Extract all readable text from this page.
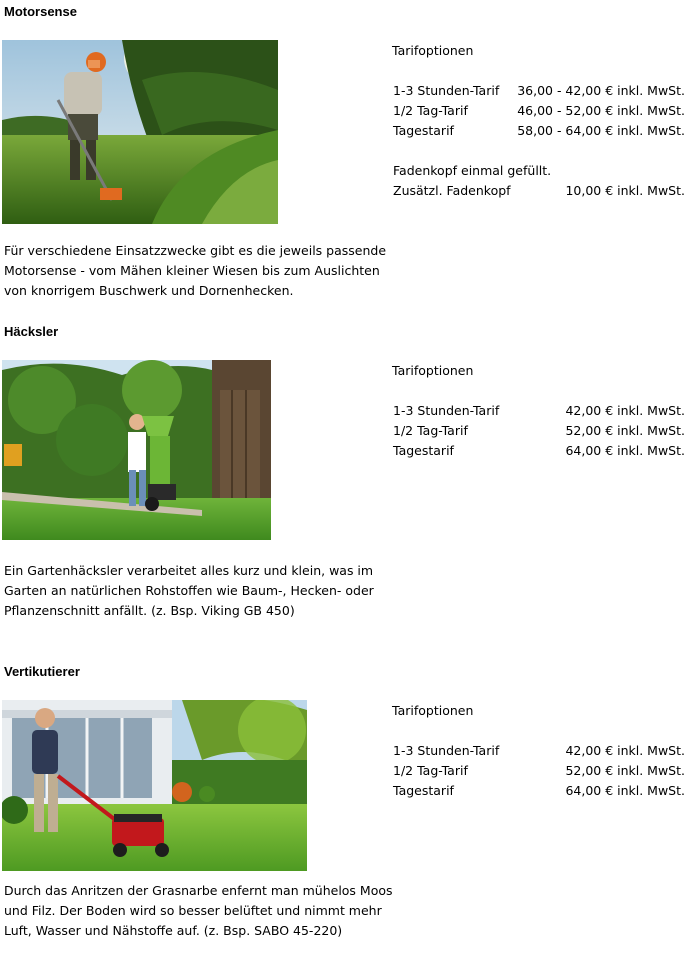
Motorsense
Tarifoptionen
1-3 Stunden-Tarif 36,00 - 42,00 € inkl. MwSt.
1/2 Tag-Tarif	46,00 - 52,00 € inkl. MwSt.
Tagestarif	58,00 - 64,00 € inkl. MwSt.
Fadenkopf einmal gefüllt.
Zusätzl. Fadenkopf	10,00 € inkl. MwSt.

Für verschiedene Einsatzzwecke gibt es die jeweils passende

Motorsense - vom Mähen kleiner Wiesen bis zum Auslichten

von knorrigem Buschwerk und Dornenhecken.

Häcksler
Tarifoptionen
1-3 Stunden-Tarif	42,00 € inkl. MwSt.
1/2 Tag-Tarif	52,00 € inkl. MwSt.
Tagestarif	64,00 € inkl. MwSt.

Ein Gartenhäcksler verarbeitet alles kurz und klein, was im

Garten an natürlichen Rohstoffen wie Baum-, Hecken- oder

Pflanzenschnitt anfällt. (z. Bsp. Viking GB 450)

Vertikutierer
Tarifoptionen
1-3 Stunden-Tarif	42,00 € inkl. MwSt.
1/2 Tag-Tarif	52,00 € inkl. MwSt.
Tagestarif	64,00 € inkl. MwSt.

Durch das Anritzen der Grasnarbe enfernt man mühelos Moos

und Filz. Der Boden wird so besser belüftet und nimmt mehr

Luft, Wasser und Nähstoffe auf. (z. Bsp. SABO 45-220)
